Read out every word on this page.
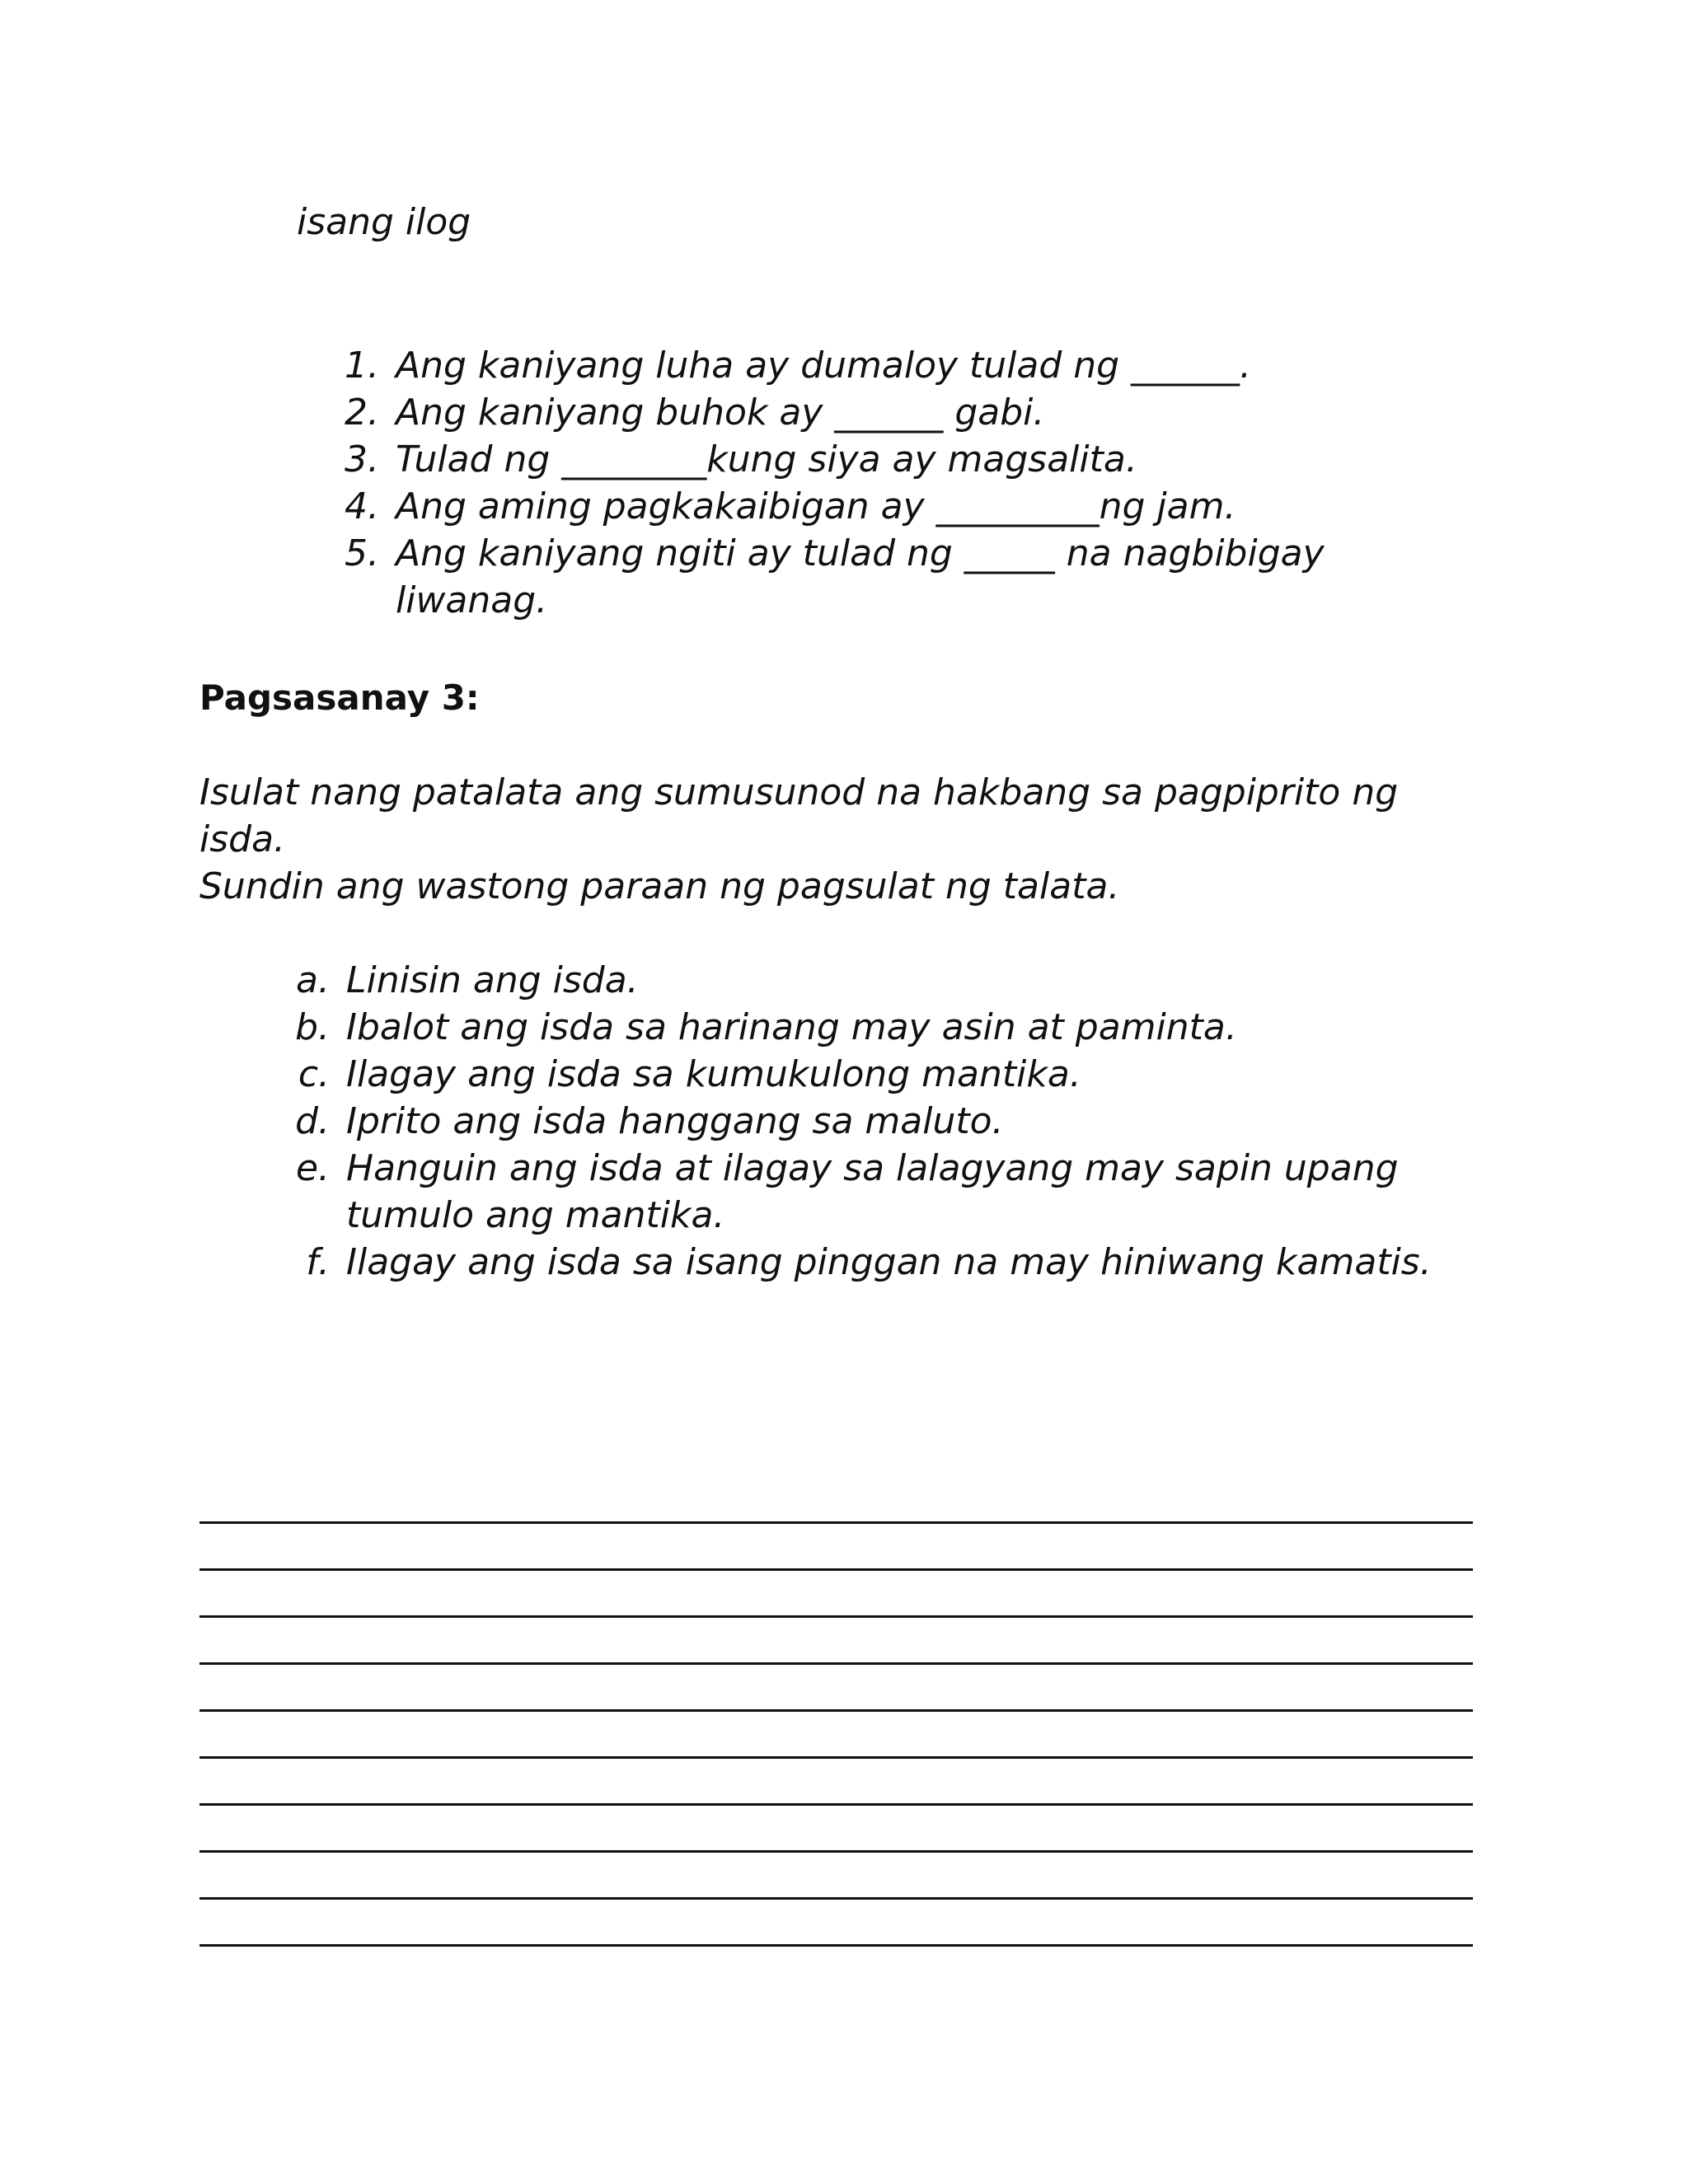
isang ilog
1. Ang kaniyang luha ay dumaloy tulad ng ______.
2. Ang kaniyang buhok ay ______ gabi.
3. Tulad ng ________kung siya ay magsalita.
4. Ang aming pagkakaibigan ay _________ng jam.
5. Ang kaniyang ngiti ay tulad ng _____ na nagbibigay
liwanag.
Pagsasanay 3:
Isulat nang patalata ang sumusunod na hakbang sa pagpiprito ng
isda.
Sundin ang wastong paraan ng pagsulat ng talata.
a. Linisin ang isda.
b. Ibalot ang isda sa harinang may asin at paminta.
c. Ilagay ang isda sa kumukulong mantika.
d. Iprito ang isda hanggang sa maluto.
e. Hanguin ang isda at ilagay sa lalagyang may sapin upang
tumulo ang mantika.
f. Ilagay ang isda sa isang pinggan na may hiniwang kamatis.
